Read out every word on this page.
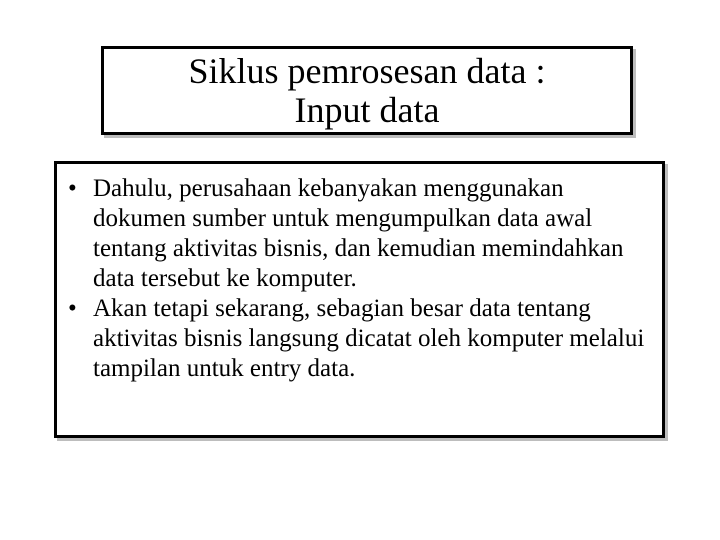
Siklus pemrosesan data :
Input data
• Dahulu, perusahaan kebanyakan menggunakan dokumen sumber untuk mengumpulkan data awal tentang aktivitas bisnis, dan kemudian memindahkan data tersebut ke komputer.
• Akan tetapi sekarang, sebagian besar data tentang aktivitas bisnis langsung dicatat oleh komputer melalui tampilan untuk entry data.
